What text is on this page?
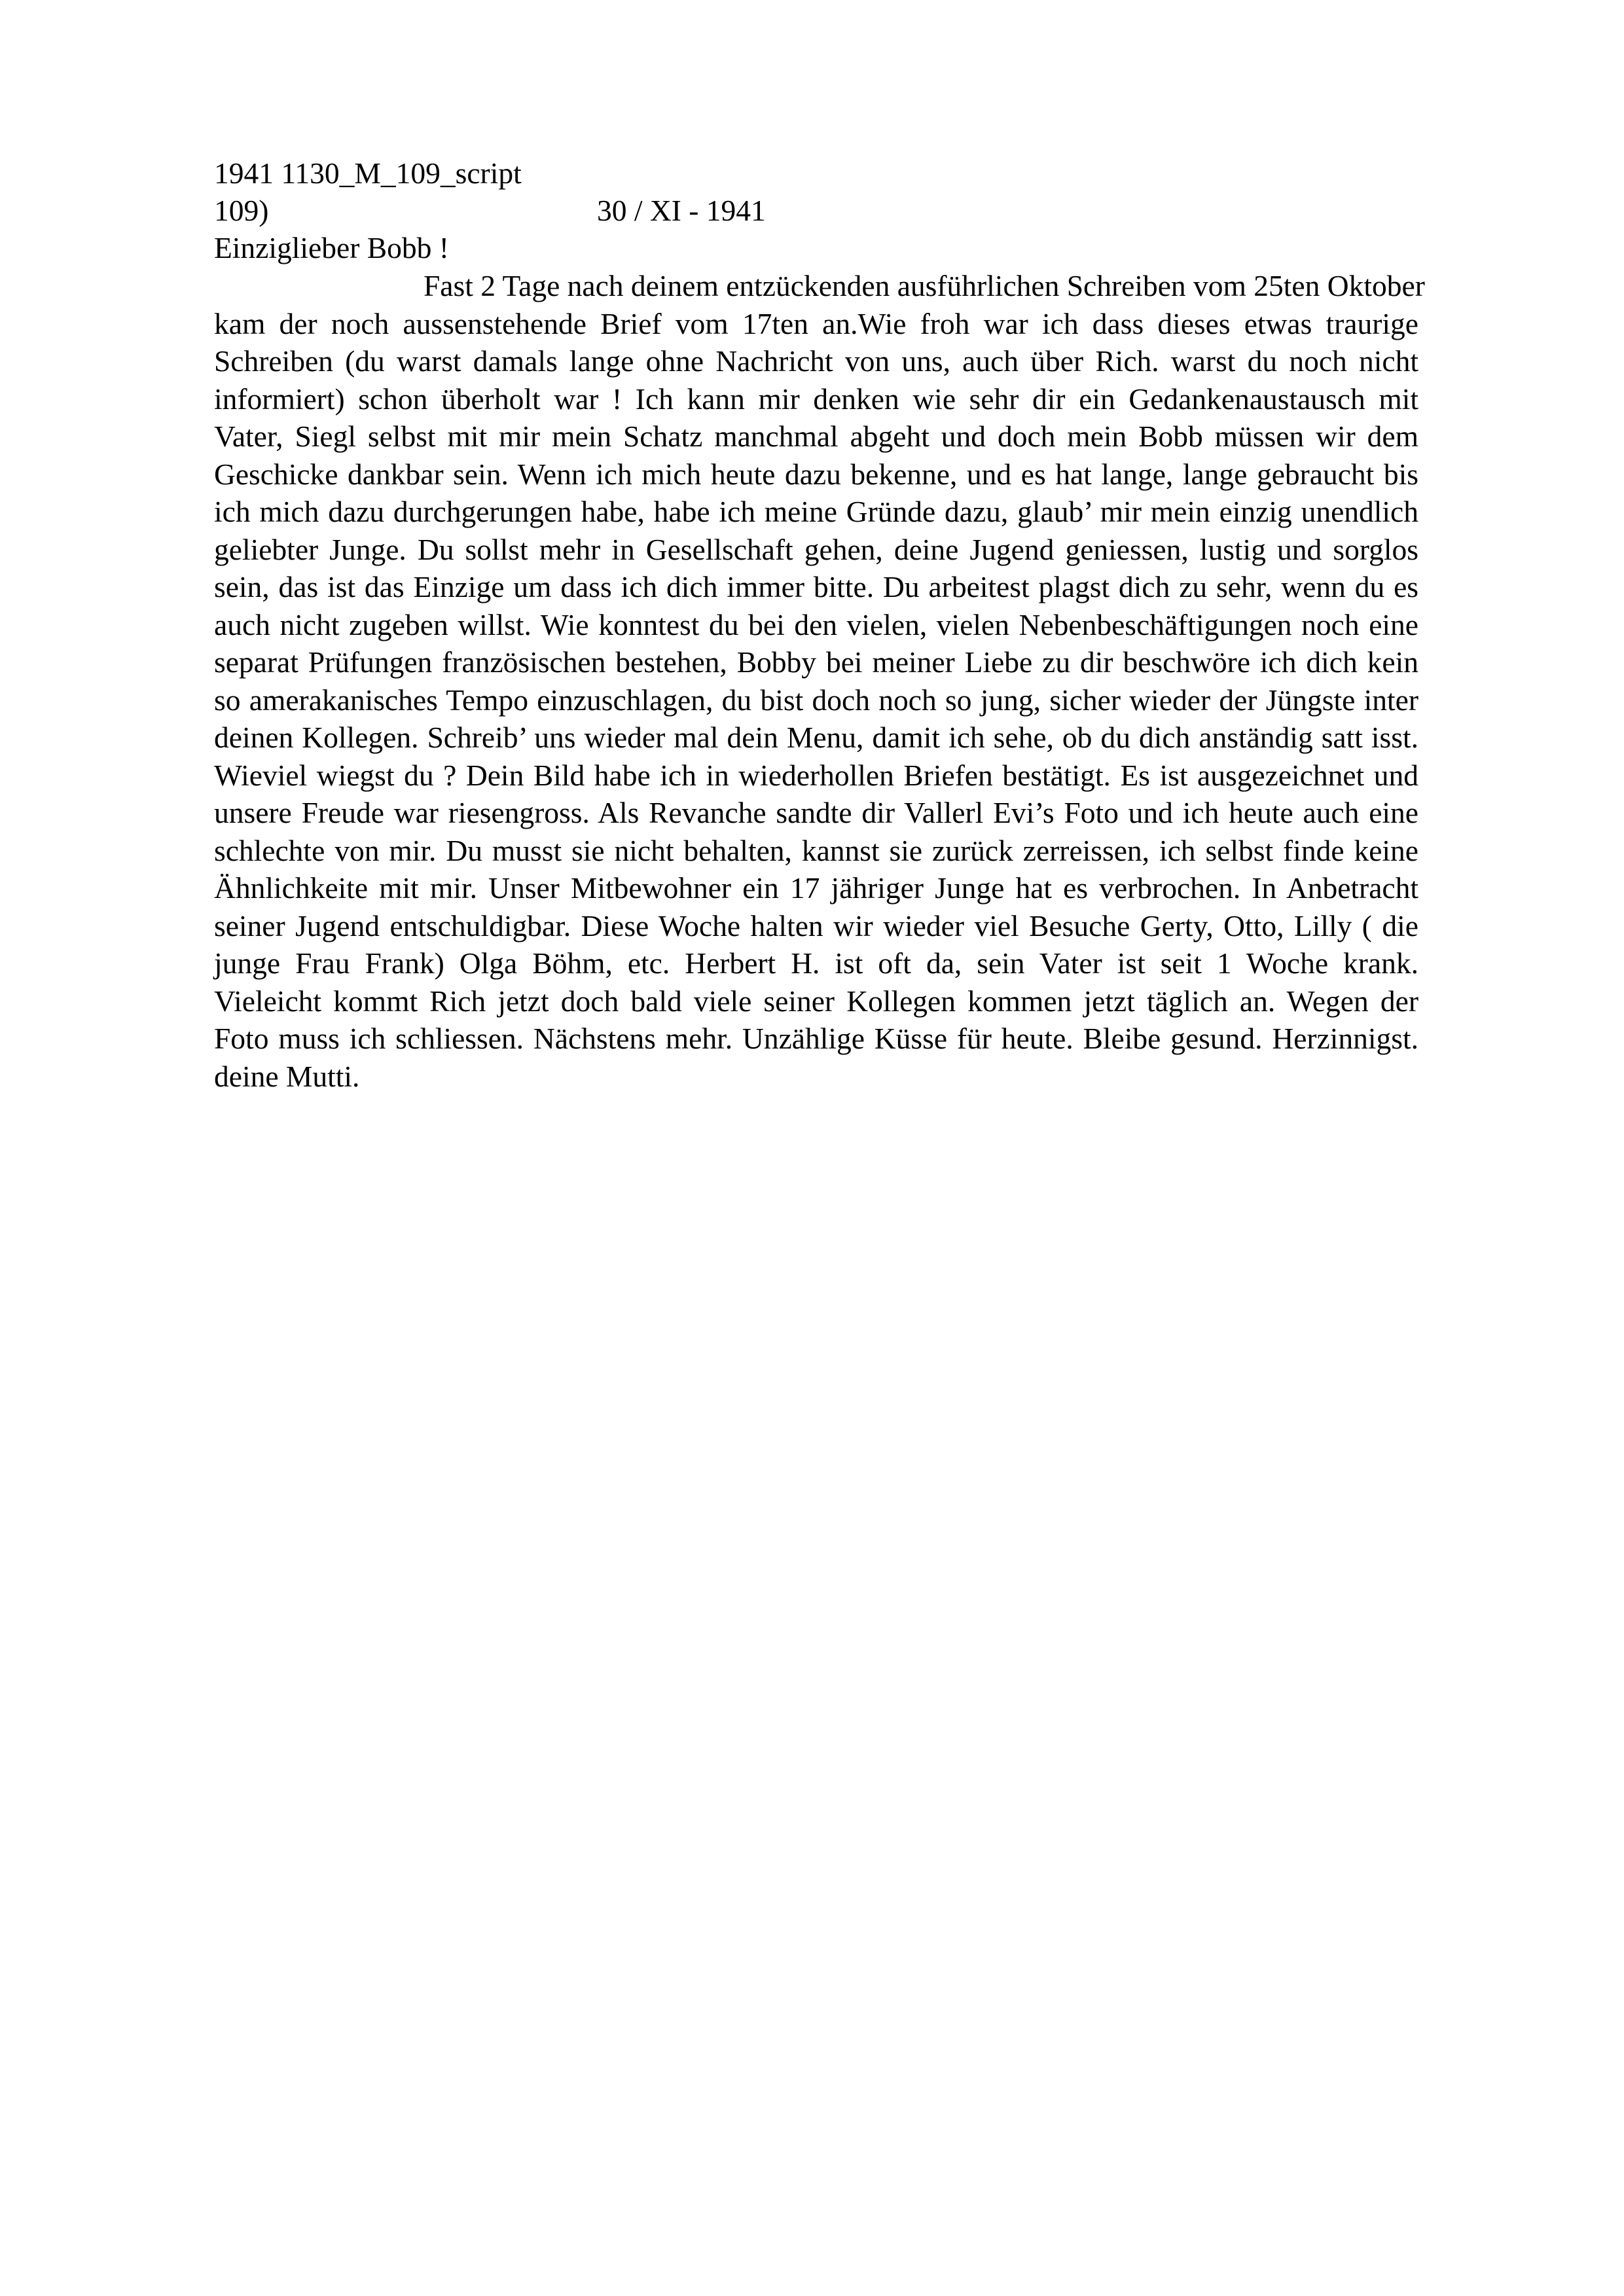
1941 1130_M_109_script
109)	30 / XI - 1941
Einziglieber Bobb !
Fast 2 Tage nach deinem entzückenden ausführlichen Schreiben vom 25ten Oktober
kam der noch aussenstehende Brief vom 17ten an.Wie froh war ich dass dieses etwas traurige
Schreiben (du warst damals lange ohne Nachricht von uns, auch über Rich. warst du noch nicht
informiert) schon überholt war ! Ich kann mir denken wie sehr dir ein Gedankenaustausch mit
Vater, Siegl selbst mit mir mein Schatz manchmal abgeht und doch mein Bobb müssen wir dem
Geschicke dankbar sein. Wenn ich mich heute dazu bekenne, und es hat lange, lange gebraucht bis
ich mich dazu durchgerungen habe, habe ich meine Gründe dazu, glaub’ mir mein einzig unendlich
geliebter Junge. Du sollst mehr in Gesellschaft gehen, deine Jugend geniessen, lustig und sorglos
sein, das ist das Einzige um dass ich dich immer bitte. Du arbeitest plagst dich zu sehr, wenn du es
auch nicht zugeben willst. Wie konntest du bei den vielen, vielen Nebenbeschäftigungen noch eine
separat Prüfungen französischen bestehen, Bobby bei meiner Liebe zu dir beschwöre ich dich kein
so amerakanisches Tempo einzuschlagen, du bist doch noch so jung, sicher wieder der Jüngste inter
deinen Kollegen. Schreib’ uns wieder mal dein Menu, damit ich sehe, ob du dich anständig satt isst.
Wieviel wiegst du ? Dein Bild habe ich in wiederhollen Briefen bestätigt. Es ist ausgezeichnet und
unsere Freude war riesengross. Als Revanche sandte dir Vallerl Evi’s Foto und ich heute auch eine
schlechte von mir. Du musst sie nicht behalten, kannst sie zurück zerreissen, ich selbst finde keine
Ähnlichkeite mit mir. Unser Mitbewohner ein 17 jähriger Junge hat es verbrochen. In Anbetracht
seiner Jugend entschuldigbar. Diese Woche halten wir wieder viel Besuche Gerty, Otto, Lilly ( die
junge Frau Frank) Olga Böhm, etc. Herbert H. ist oft da, sein Vater ist seit 1 Woche krank.
Vieleicht kommt Rich jetzt doch bald viele seiner Kollegen kommen jetzt täglich an. Wegen der
Foto muss ich schliessen. Nächstens mehr. Unzählige Küsse für heute. Bleibe gesund. Herzinnigst.
deine Mutti.
